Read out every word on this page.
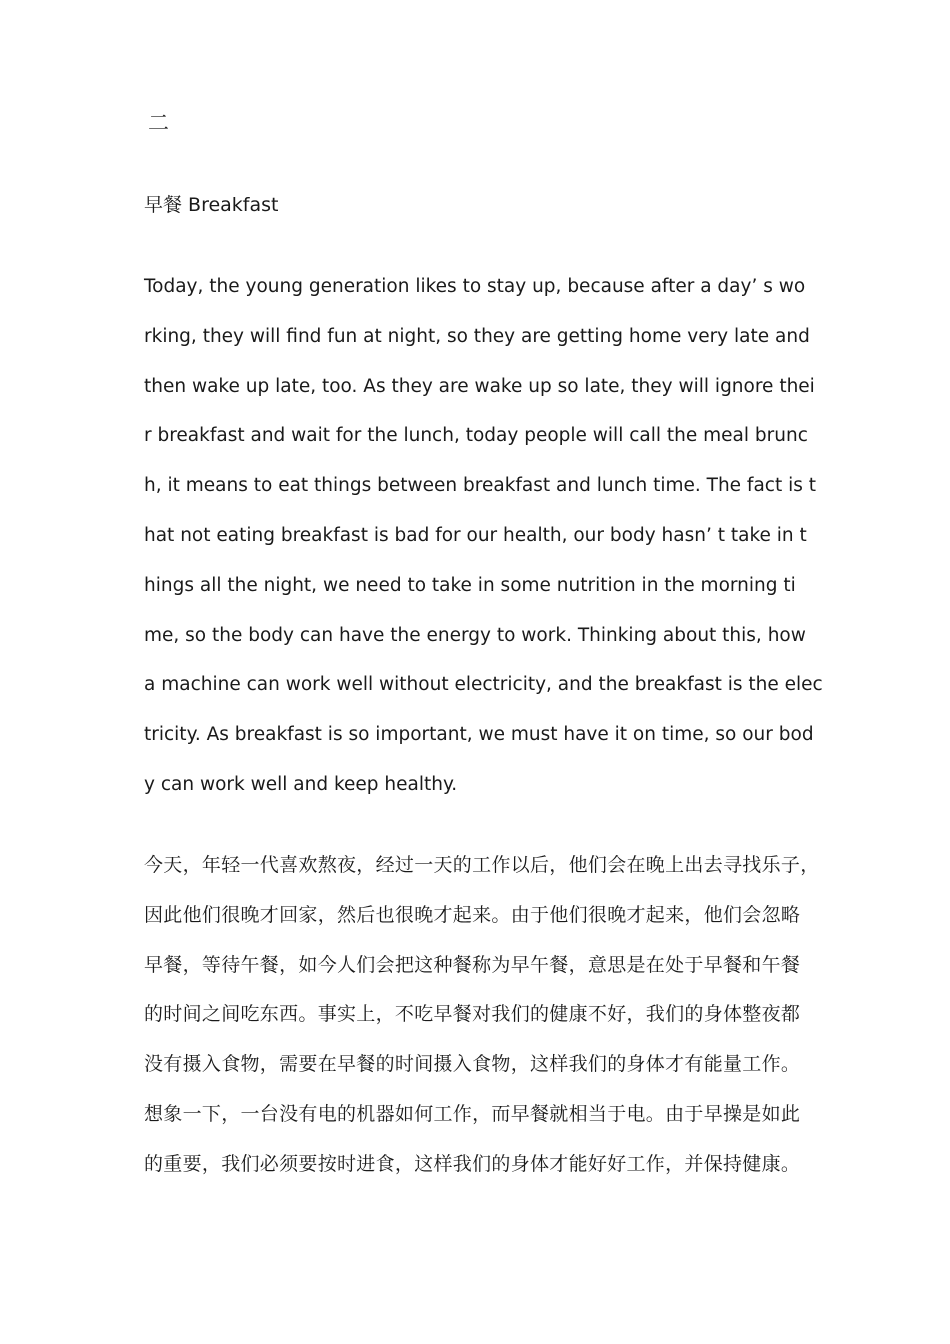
二
早餐 Breakfast
Today, the young generation likes to stay up, because after a day’ s wo
rking, they will find fun at night, so they are getting home very late and
then wake up late, too. As they are wake up so late, they will ignore thei
r breakfast and wait for the lunch, today people will call the meal brunc
h, it means to eat things between breakfast and lunch time. The fact is t
hat not eating breakfast is bad for our health, our body hasn’ t take in t
hings all the night, we need to take in some nutrition in the morning ti
me, so the body can have the energy to work. Thinking about this, how
a machine can work well without electricity, and the breakfast is the elec
tricity. As breakfast is so important, we must have it on time, so our bod
y can work well and keep healthy.
今天，年轻一代喜欢熬夜，经过一天的工作以后，他们会在晚上出去寻找乐子，
因此他们很晚才回家，然后也很晚才起来。由于他们很晚才起来，他们会忽略
早餐，等待午餐，如今人们会把这种餐称为早午餐，意思是在处于早餐和午餐
的时间之间吃东西。事实上，不吃早餐对我们的健康不好，我们的身体整夜都
没有摄入食物，需要在早餐的时间摄入食物，这样我们的身体才有能量工作。
想象一下，一台没有电的机器如何工作，而早餐就相当于电。由于早操是如此
的重要，我们必须要按时进食，这样我们的身体才能好好工作，并保持健康。
